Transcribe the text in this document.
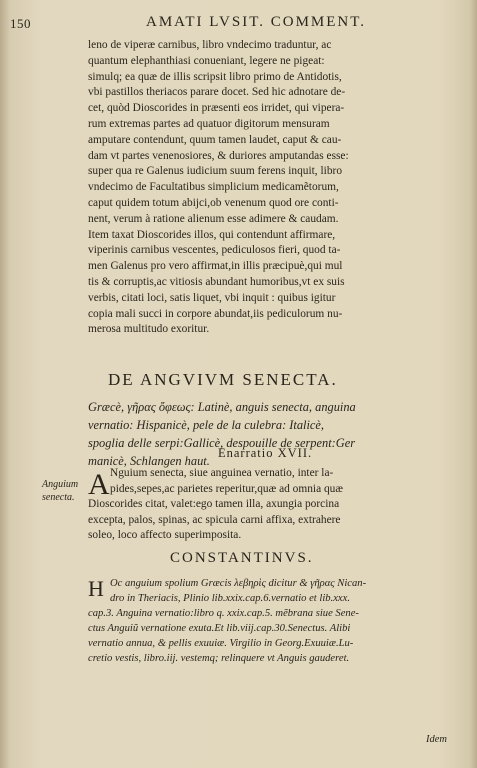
150	AMATI LVSIT. COMMENT.
leno de viperæ carnibus, libro vndecimo traduntur, ac
quantum elephanthiasi conueniant, legere ne pigeat:
simulq; ea quæ de illis scripsit libro primo de Antidotis,
vbi pastillos theriacos parare docet. Sed hic adnotare de-
cet, quòd Dioscorides in præsenti eos irridet, qui vipera-
rum extremas partes ad quatuor digitorum mensuram
amputare contendunt, quum tamen laudet, caput & cau-
dam vt partes venenosiores, & duriores amputandas esse:
super qua re Galenus iudicium suum ferens inquit, libro
vndecimo de Facultatibus simplicium medicamẽtorum,
caput quidem totum abijci,ob venenum quod ore conti-
nent, verum à ratione alienum esse adimere & caudam.
Item taxat Dioscorides illos, qui contendunt affirmare,
viperinis carnibus vescentes, pediculosos fieri, quod ta-
men Galenus pro vero affirmat,in illis præcipuè,qui mul
tis & corruptis,ac vitiosis abundant humoribus,vt ex suis
verbis, citati loci, satis liquet, vbi inquit : quibus igitur
copia mali succi in corpore abundat,iis pediculorum nu-
merosa multitudo exoritur.
DE ANGVIVM SENECTA.
Græcè, γῆρας ὄφεως: Latinè, anguis senecta, anguina
vernatio: Hispanicè, pele de la culebra: Italicè,
spoglia delle serpi:Gallicè, despouille de serpent:Ger
manicè, Schlangen haut.
Enarratio XVII.
Anguium senecta. A Nguium senecta, siue anguinea vernatio, inter la-
pides,sepes,ac parietes reperitur,quæ ad omnia quæ
Dioscorides citat, valet:ego tamen illa, axungia porcina
excepta, palos, spinas, ac spicula carni affixa, extrahere
soleo, loco affecto superimposita.
CONSTANTINVS.
H Oc anguium spolium Græcis λεβηρὶς dicitur & γῆρας Nican-
dro in Theriacis, Plinio lib.xxix.cap.6.vernatio et lib.xxx.
cap.3. Anguina vernatio:libro q. xxix.cap.5. mẽbrana siue Sene-
ctus Anguiũ vernatione exuta.Et lib.viij.cap.30.Senectus. Alibi
vernatio annua, & pellis exuuiæ. Virgilio in Georg.Exuuiæ.Lu-
cretio vestis, libro.iij. vestemq; relinquere vt Anguis gauderet.
Idem
